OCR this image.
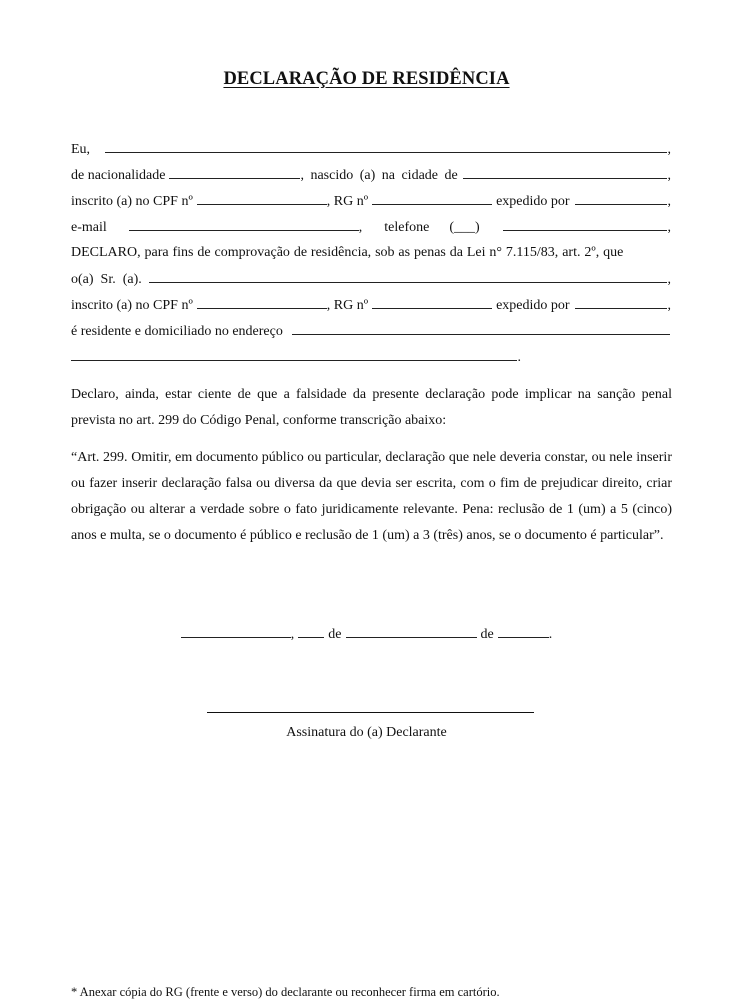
DECLARAÇÃO DE RESIDÊNCIA
Eu,	,
de nacionalidade	, nascido (a) na cidade de	,
inscrito (a) no CPF nº	, RG nº	expedido por	,
e-mail	, telefone (___)	,
DECLARO, para fins de comprovação de residência, sob as penas da Lei n° 7.115/83, art. 2º, que
o(a)  Sr.  (a).	,
inscrito (a) no CPF nº	, RG nº	expedido por	,
é residente e domiciliado no endereço
.
Declaro, ainda, estar ciente de que a falsidade da presente declaração pode implicar na sanção penal prevista no art. 299 do Código Penal, conforme transcrição abaixo:
“Art. 299. Omitir, em documento público ou particular, declaração que nele deveria constar, ou nele inserir ou fazer inserir declaração falsa ou diversa da que devia ser escrita, com o fim de prejudicar direito, criar obrigação ou alterar a verdade sobre o fato juridicamente relevante. Pena: reclusão de 1 (um) a 5 (cinco) anos e multa, se o documento é público e reclusão de 1 (um) a 3 (três) anos, se o documento é particular”.
, de	de	.
Assinatura do (a) Declarante
* Anexar cópia do RG (frente e verso) do declarante ou reconhecer firma em cartório.
